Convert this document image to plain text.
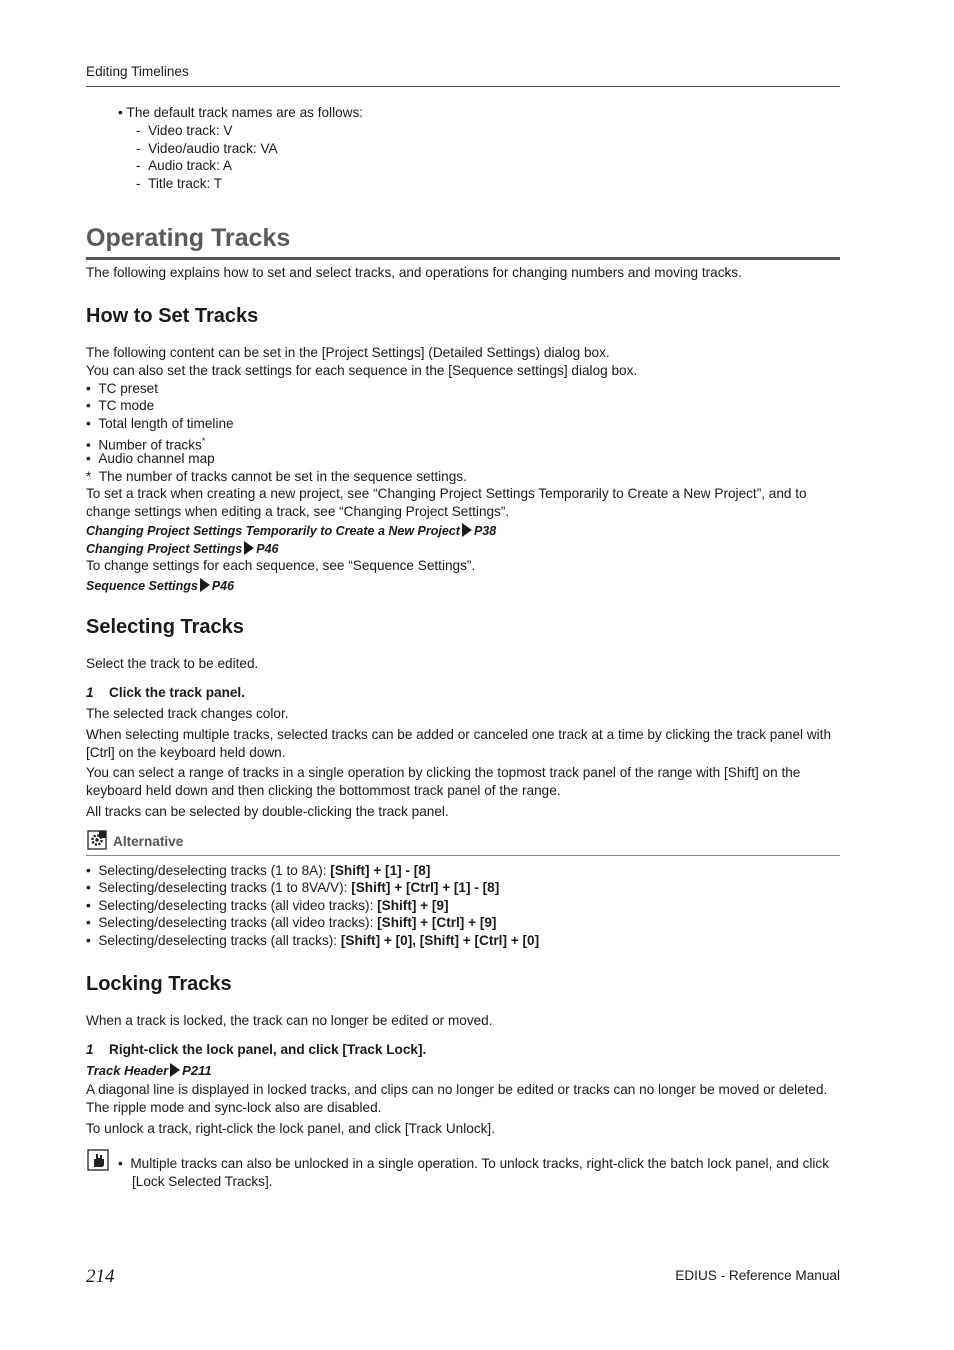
Editing Timelines
• The default track names are as follows:
-  Video track: V
-  Video/audio track: VA
-  Audio track: A
-  Title track: T
Operating Tracks
The following explains how to set and select tracks, and operations for changing numbers and moving tracks.
How to Set Tracks
The following content can be set in the [Project Settings] (Detailed Settings) dialog box.
You can also set the track settings for each sequence in the [Sequence settings] dialog box.
•  TC preset
•  TC mode
•  Total length of timeline
•  Number of tracks*
•  Audio channel map
* The number of tracks cannot be set in the sequence settings.
To set a track when creating a new project, see “Changing Project Settings Temporarily to Create a New Project”, and to change settings when editing a track, see “Changing Project Settings”.
Changing Project Settings Temporarily to Create a New Project P38
Changing Project Settings P46
To change settings for each sequence, see “Sequence Settings”.
Sequence Settings P46
Selecting Tracks
Select the track to be edited.
1 Click the track panel.
The selected track changes color.
When selecting multiple tracks, selected tracks can be added or canceled one track at a time by clicking the track panel with [Ctrl] on the keyboard held down.
You can select a range of tracks in a single operation by clicking the topmost track panel of the range with [Shift] on the keyboard held down and then clicking the bottommost track panel of the range.
All tracks can be selected by double-clicking the track panel.
Alternative
•  Selecting/deselecting tracks (1 to 8A): [Shift] + [1] - [8]
•  Selecting/deselecting tracks (1 to 8VA/V): [Shift] + [Ctrl] + [1] - [8]
•  Selecting/deselecting tracks (all video tracks): [Shift] + [9]
•  Selecting/deselecting tracks (all video tracks): [Shift] + [Ctrl] + [9]
•  Selecting/deselecting tracks (all tracks): [Shift] + [0], [Shift] + [Ctrl] + [0]
Locking Tracks
When a track is locked, the track can no longer be edited or moved.
1 Right-click the lock panel, and click [Track Lock].
Track Header P211
A diagonal line is displayed in locked tracks, and clips can no longer be edited or tracks can no longer be moved or deleted. The ripple mode and sync-lock also are disabled.
To unlock a track, right-click the lock panel, and click [Track Unlock].
•  Multiple tracks can also be unlocked in a single operation. To unlock tracks, right-click the batch lock panel, and click [Lock Selected Tracks].
214	EDIUS - Reference Manual
